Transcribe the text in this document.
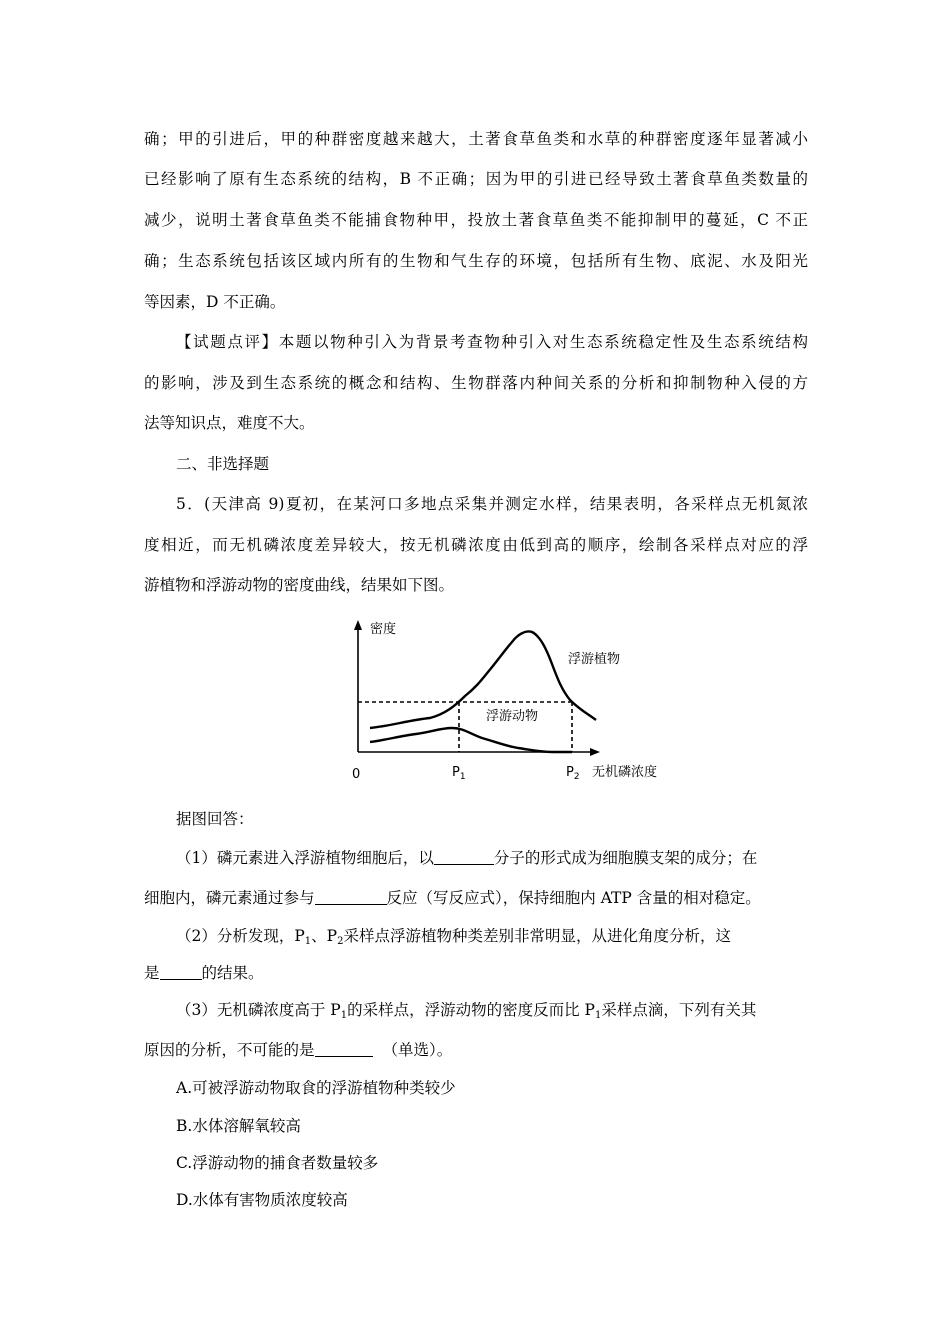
确；甲的引进后，甲的种群密度越来越大，土著食草鱼类和水草的种群密度逐年显著减小
已经影响了原有生态系统的结构，B 不正确；因为甲的引进已经导致土著食草鱼类数量的
减少，说明土著食草鱼类不能捕食物种甲，投放土著食草鱼类不能抑制甲的蔓延，C 不正
确；生态系统包括该区域内所有的生物和气生存的环境，包括所有生物、底泥、水及阳光
等因素，D 不正确。
【试题点评】本题以物种引入为背景考查物种引入对生态系统稳定性及生态系统结构
的影响，涉及到生态系统的概念和结构、生物群落内种间关系的分析和抑制物种入侵的方
法等知识点，难度不大。
二、非选择题
5．(天津高 9)夏初，在某河口多地点采集并测定水样，结果表明，各采样点无机氮浓
度相近，而无机磷浓度差异较大，按无机磷浓度由低到高的顺序，绘制各采样点对应的浮
游植物和浮游动物的密度曲线，结果如下图。
密度
浮游植物
浮游动物
0	$P_1$	$P_2$ 无机磷浓度
据图回答：
（1）磷元素进入浮游植物细胞后，以	分子的形式成为细胞膜支架的成分；在
细胞内，磷元素通过参与	反应（写反应式），保持细胞内 ATP 含量的相对稳定。
（2）分析发现，$P_1$、$P_2$采样点浮游植物种类差别非常明显，从进化角度分析，这
是	的结果。
（3）无机磷浓度高于 $P_1$的采样点，浮游动物的密度反而比 $P_1$采样点滴，下列有关其
原因的分析，不可能的是	（单选）。
A.可被浮游动物取食的浮游植物种类较少
B.水体溶解氧较高
C.浮游动物的捕食者数量较多
D.水体有害物质浓度较高
